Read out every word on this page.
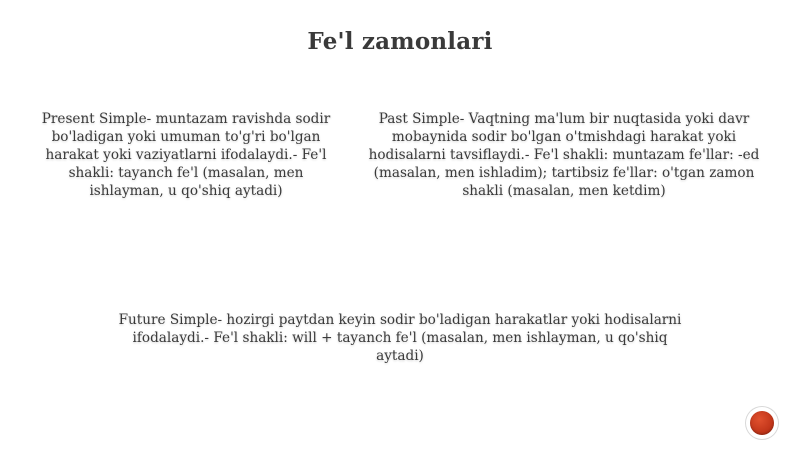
Fe'l zamonlari
Present Simple- muntazam ravishda sodir bo'ladigan yoki umuman to'g'ri bo'lgan harakat yoki vaziyatlarni ifodalaydi.- Fe'l shakli: tayanch fe'l (masalan, men ishlayman, u qo'shiq aytadi)
Past Simple- Vaqtning ma'lum bir nuqtasida yoki davr mobaynida sodir bo'lgan o'tmishdagi harakat yoki hodisalarni tavsiflaydi.- Fe'l shakli: muntazam fe'llar: -ed (masalan, men ishladim); tartibsiz fe'llar: o'tgan zamon shakli (masalan, men ketdim)
Future Simple- hozirgi paytdan keyin sodir bo'ladigan harakatlar yoki hodisalarni ifodalaydi.- Fe'l shakli: will + tayanch fe'l (masalan, men ishlayman, u qo'shiq aytadi)
